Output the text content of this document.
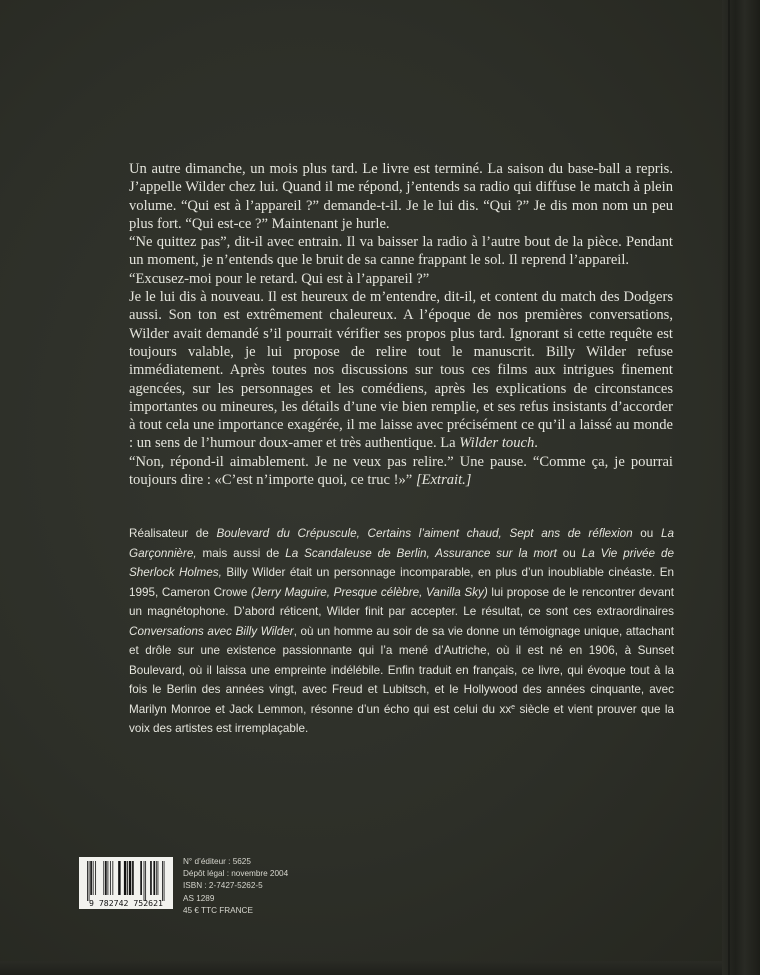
Un autre dimanche, un mois plus tard. Le livre est terminé. La saison du base-ball a repris. J’appelle Wilder chez lui. Quand il me répond, j’entends sa radio qui diffuse le match à plein volume. “Qui est à l’appareil ?” demande-t-il. Je le lui dis. “Qui ?” Je dis mon nom un peu plus fort. “Qui est-ce ?” Maintenant je hurle.

“Ne quittez pas”, dit-il avec entrain. Il va baisser la radio à l’autre bout de la pièce. Pendant un moment, je n’entends que le bruit de sa canne frappant le sol. Il reprend l’appareil.

“Excusez-moi pour le retard. Qui est à l’appareil ?”

Je le lui dis à nouveau. Il est heureux de m’entendre, dit-il, et content du match des Dodgers aussi. Son ton est extrêmement chaleureux. A l’époque de nos premières conversations, Wilder avait demandé s’il pourrait vérifier ses propos plus tard. Ignorant si cette requête est toujours valable, je lui propose de relire tout le manuscrit. Billy Wilder refuse immédiatement. Après toutes nos discussions sur tous ces films aux intrigues finement agencées, sur les personnages et les comédiens, après les explications de circonstances importantes ou mineures, les détails d’une vie bien remplie, et ses refus insistants d’accorder à tout cela une importance exagérée, il me laisse avec précisément ce qu’il a laissé au monde : un sens de l’humour doux-amer et très authentique. La Wilder touch.

“Non, répond-il aimablement. Je ne veux pas relire.” Une pause. “Comme ça, je pourrai toujours dire : «C’est n’importe quoi, ce truc !»” [Extrait.]

Réalisateur de Boulevard du Crépuscule, Certains l’aiment chaud, Sept ans de réflexion ou La Garçonnière, mais aussi de La Scandaleuse de Berlin, Assurance sur la mort ou La Vie privée de Sherlock Holmes, Billy Wilder était un personnage incomparable, en plus d’un inoubliable cinéaste. En 1995, Cameron Crowe (Jerry Maguire, Presque célèbre, Vanilla Sky) lui propose de le rencontrer devant un magnétophone. D’abord réticent, Wilder finit par accepter. Le résultat, ce sont ces extraordinaires Conversations avec Billy Wilder, où un homme au soir de sa vie donne un témoignage unique, attachant et drôle sur une existence passionnante qui l’a mené d’Autriche, où il est né en 1906, à Sunset Boulevard, où il laissa une empreinte indélébile. Enfin traduit en français, ce livre, qui évoque tout à la fois le Berlin des années vingt, avec Freud et Lubitsch, et le Hollywood des années cinquante, avec Marilyn Monroe et Jack Lemmon, résonne d’un écho qui est celui du $xx^e$ siècle et vient prouver que la voix des artistes est irremplaçable.

9 782742 752621
N° d’éditeur : 5625
Dépôt légal : novembre 2004
ISBN : 2-7427-5262-5
AS 1289
45 € TTC FRANCE
